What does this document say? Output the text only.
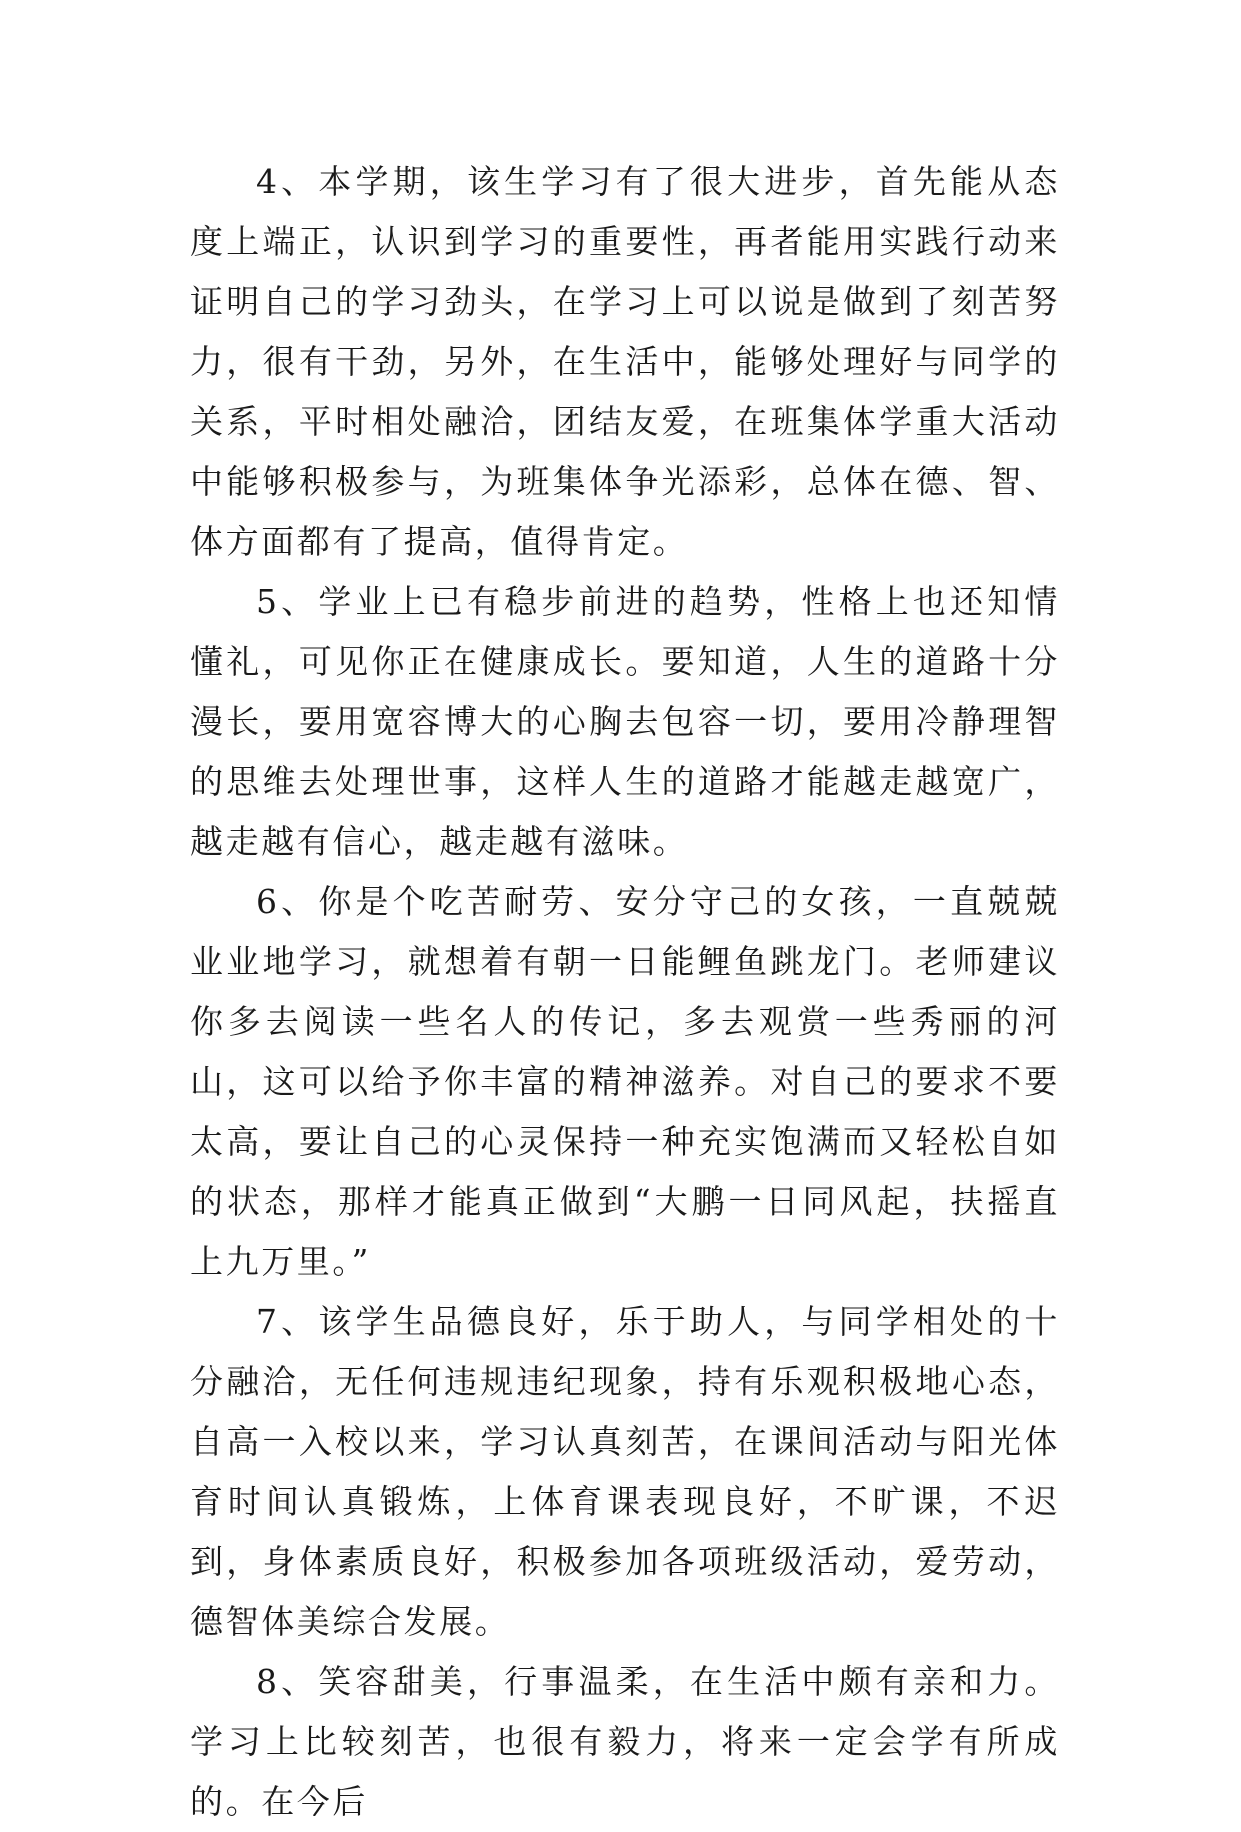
4、本学期，该生学习有了很大进步，首先能从态度上端正，认识到学习的重要性，再者能用实践行动来证明自己的学习劲头，在学习上可以说是做到了刻苦努力，很有干劲，另外，在生活中，能够处理好与同学的关系，平时相处融洽，团结友爱，在班集体学重大活动中能够积极参与，为班集体争光添彩，总体在德、智、体方面都有了提高，值得肯定。

5、学业上已有稳步前进的趋势，性格上也还知情懂礼，可见你正在健康成长。要知道，人生的道路十分漫长，要用宽容博大的心胸去包容一切，要用冷静理智的思维去处理世事，这样人生的道路才能越走越宽广，越走越有信心，越走越有滋味。

6、你是个吃苦耐劳、安分守己的女孩，一直兢兢业业地学习，就想着有朝一日能鲤鱼跳龙门。老师建议你多去阅读一些名人的传记，多去观赏一些秀丽的河山，这可以给予你丰富的精神滋养。对自己的要求不要太高，要让自己的心灵保持一种充实饱满而又轻松自如的状态，那样才能真正做到“大鹏一日同风起，扶摇直上九万里。”

7、该学生品德良好，乐于助人，与同学相处的十分融洽，无任何违规违纪现象，持有乐观积极地心态，自高一入校以来，学习认真刻苦，在课间活动与阳光体育时间认真锻炼，上体育课表现良好，不旷课，不迟到，身体素质良好，积极参加各项班级活动，爱劳动，德智体美综合发展。

8、笑容甜美，行事温柔，在生活中颇有亲和力。学习上比较刻苦，也很有毅力，将来一定会学有所成的。在今后
